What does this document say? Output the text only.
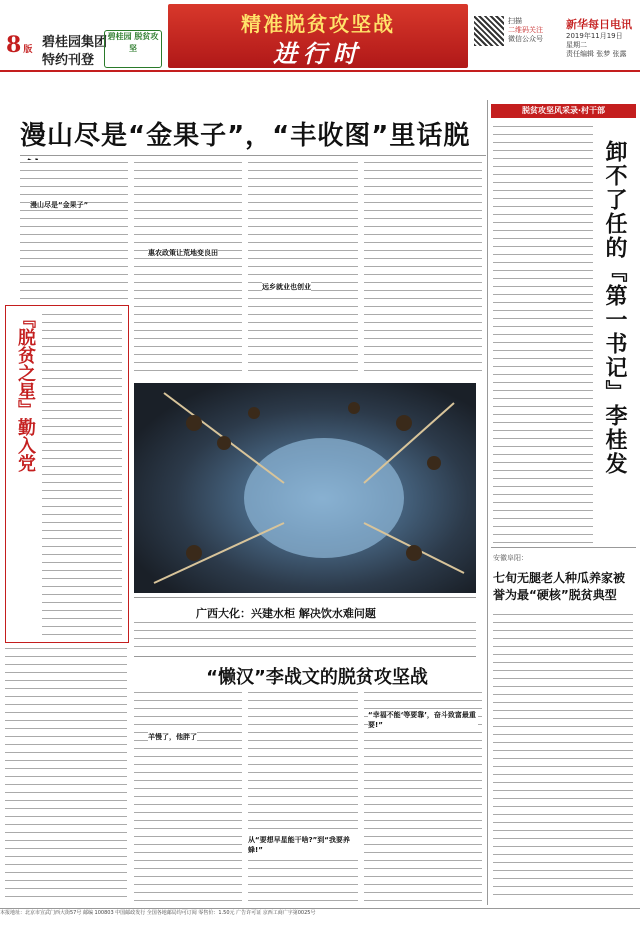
8 版 碧桂园集团
特约刊登
碧桂园 脱贫攻坚
精准脱贫攻坚战
进行时
扫描
二维码关注
微信公众号
新华每日电讯
2019年11月19日
星期二
责任编辑 张梦 张露
漫山尽是“金果子”，“丰收图”里话脱
漫山尽是“金果子”
惠农政策让荒地变良田
远乡就业也创业
『脱贫之星』勤入党
广西大化：兴建水柜 解决饮水难问题
“懒汉”李战文的脱贫攻坚战
羊慢了，他胖了
从“要想早星能干啥?”到“我要养蜂!”
“幸福不能‘等要靠’，奋斗致富最重要!”
脱贫攻坚风采录·村干部
卸不了任的『第一书记』李桂发
安徽阜阳：
七旬无腿老人种瓜养家被誉为最“硬核”脱贫典型
本报地址：北京市宣武门西大街57号 邮编 100803 中国邮政发行 全国各地邮局均可订阅 零售价：1.50元 广告许可证 京西工商广字第0025号
